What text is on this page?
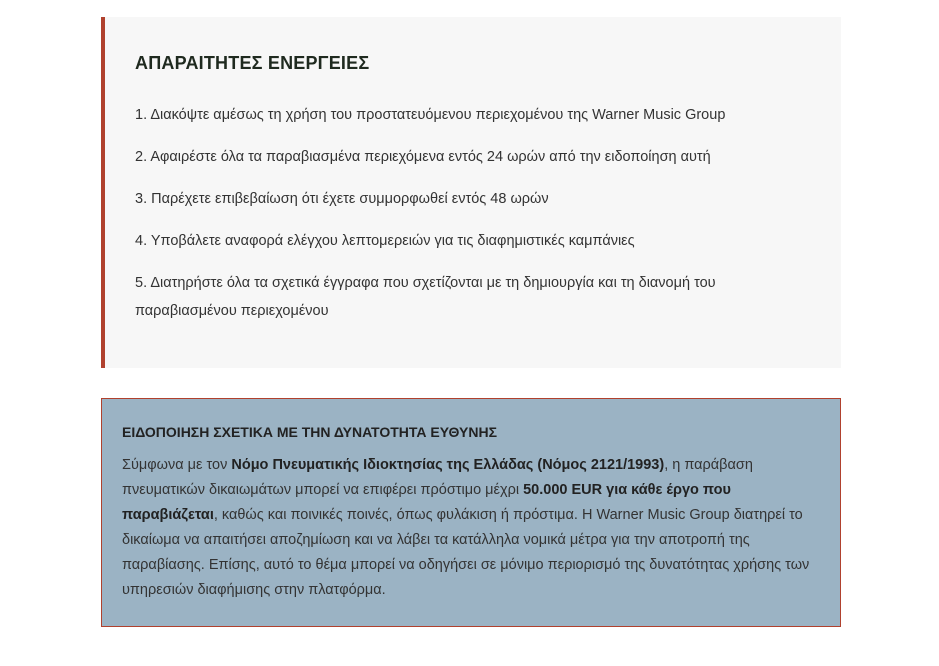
ΑΠΑΡΑΙΤΗΤΕΣ ΕΝΕΡΓΕΙΕΣ
1. Διακόψτε αμέσως τη χρήση του προστατευόμενου περιεχομένου της Warner Music Group
2. Αφαιρέστε όλα τα παραβιασμένα περιεχόμενα εντός 24 ωρών από την ειδοποίηση αυτή
3. Παρέχετε επιβεβαίωση ότι έχετε συμμορφωθεί εντός 48 ωρών
4. Υποβάλετε αναφορά ελέγχου λεπτομερειών για τις διαφημιστικές καμπάνιες
5. Διατηρήστε όλα τα σχετικά έγγραφα που σχετίζονται με τη δημιουργία και τη διανομή του παραβιασμένου περιεχομένου
ΕΙΔΟΠΟΙΗΣΗ ΣΧΕΤΙΚΑ ΜΕ ΤΗΝ ΔΥΝΑΤΟΤΗΤΑ ΕΥΘΥΝΗΣ

Σύμφωνα με τον Νόμο Πνευματικής Ιδιοκτησίας της Ελλάδας (Νόμος 2121/1993), η παράβαση πνευματικών δικαιωμάτων μπορεί να επιφέρει πρόστιμο μέχρι 50.000 EUR για κάθε έργο που παραβιάζεται, καθώς και ποινικές ποινές, όπως φυλάκιση ή πρόστιμα. Η Warner Music Group διατηρεί το δικαίωμα να απαιτήσει αποζημίωση και να λάβει τα κατάλληλα νομικά μέτρα για την αποτροπή της παραβίασης. Επίσης, αυτό το θέμα μπορεί να οδηγήσει σε μόνιμο περιορισμό της δυνατότητας χρήσης των υπηρεσιών διαφήμισης στην πλατφόρμα.
